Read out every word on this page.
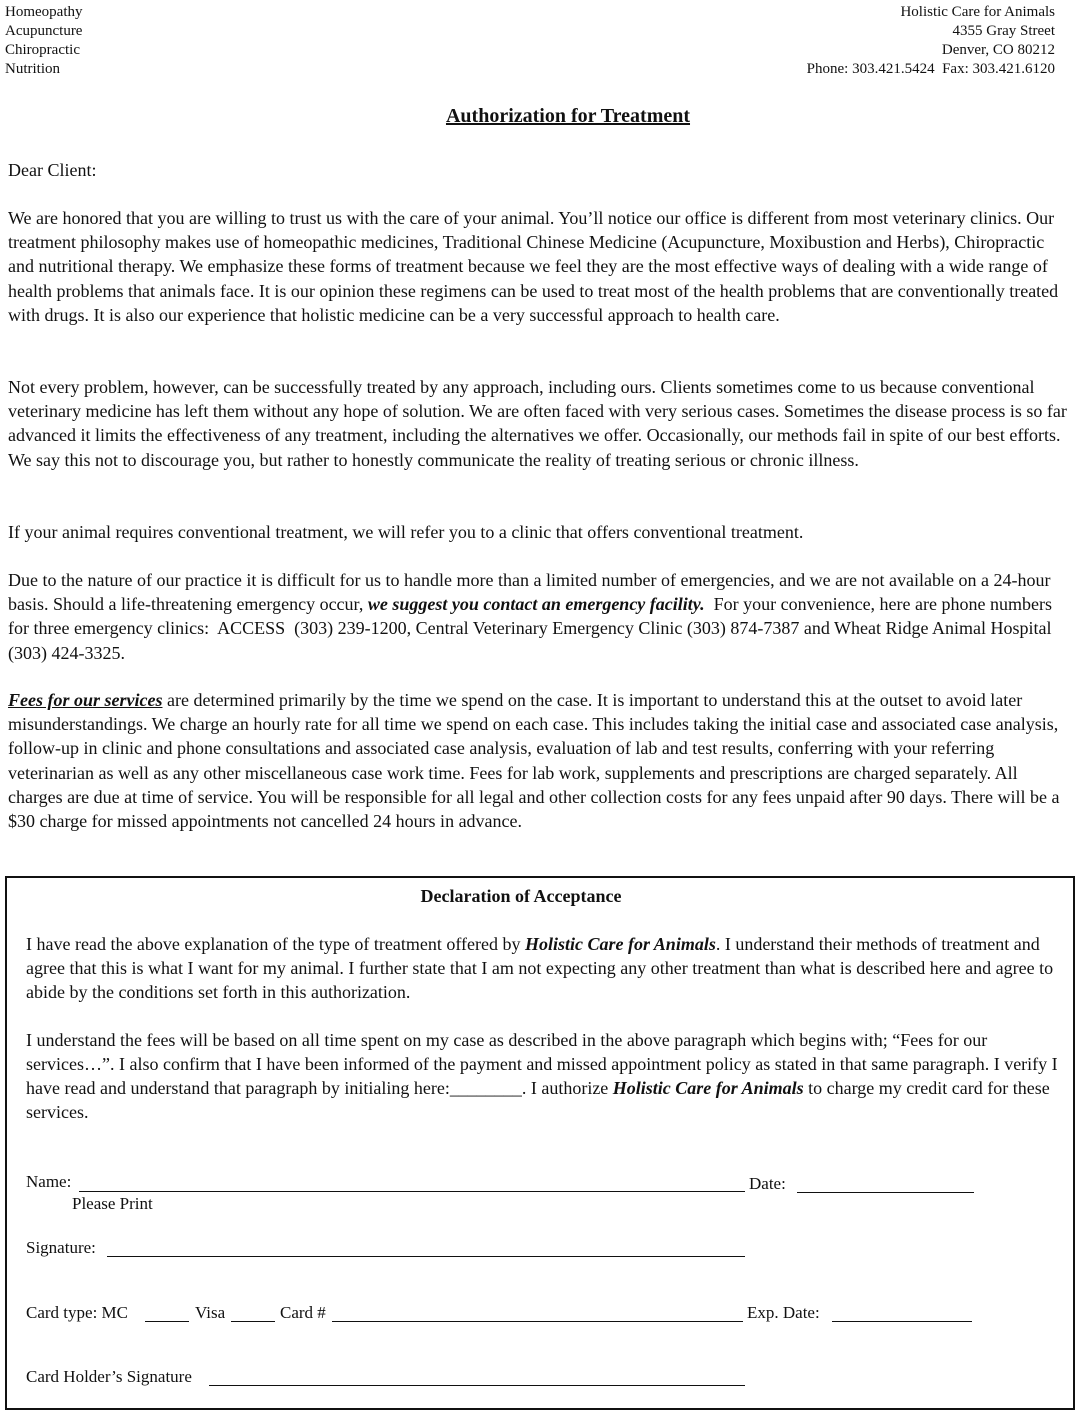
Homeopathy
Acupuncture
Chiropractic
Nutrition
Holistic Care for Animals
4355 Gray Street
Denver, CO 80212
Phone: 303.421.5424  Fax: 303.421.6120
Authorization for Treatment
Dear Client:

We are honored that you are willing to trust us with the care of your animal. You’ll notice our office is different from most veterinary clinics. Our treatment philosophy makes use of homeopathic medicines, Traditional Chinese Medicine (Acupuncture, Moxibustion and Herbs), Chiropractic and nutritional therapy. We emphasize these forms of treatment because we feel they are the most effective ways of dealing with a wide range of health problems that animals face. It is our opinion these regimens can be used to treat most of the health problems that are conventionally treated with drugs. It is also our experience that holistic medicine can be a very successful approach to health care.

Not every problem, however, can be successfully treated by any approach, including ours. Clients sometimes come to us because conventional veterinary medicine has left them without any hope of solution. We are often faced with very serious cases. Sometimes the disease process is so far advanced it limits the effectiveness of any treatment, including the alternatives we offer. Occasionally, our methods fail in spite of our best efforts. We say this not to discourage you, but rather to honestly communicate the reality of treating serious or chronic illness.

If your animal requires conventional treatment, we will refer you to a clinic that offers conventional treatment.

Due to the nature of our practice it is difficult for us to handle more than a limited number of emergencies, and we are not available on a 24-hour basis. Should a life-threatening emergency occur, we suggest you contact an emergency facility.  For your convenience, here are phone numbers for three emergency clinics:  ACCESS  (303) 239-1200, Central Veterinary Emergency Clinic (303) 874-7387 and Wheat Ridge Animal Hospital  (303) 424-3325.

Fees for our services are determined primarily by the time we spend on the case. It is important to understand this at the outset to avoid later misunderstandings. We charge an hourly rate for all time we spend on each case. This includes taking the initial case and associated case analysis, follow-up in clinic and phone consultations and associated case analysis, evaluation of lab and test results, conferring with your referring veterinarian as well as any other miscellaneous case work time. Fees for lab work, supplements and prescriptions are charged separately. All charges are due at time of service. You will be responsible for all legal and other collection costs for any fees unpaid after 90 days. There will be a $30 charge for missed appointments not cancelled 24 hours in advance.

Declaration of Acceptance

I have read the above explanation of the type of treatment offered by Holistic Care for Animals. I understand their methods of treatment and agree that this is what I want for my animal. I further state that I am not expecting any other treatment than what is described here and agree to abide by the conditions set forth in this authorization.

I understand the fees will be based on all time spent on my case as described in the above paragraph which begins with; “Fees for our services…”. I also confirm that I have been informed of the payment and missed appointment policy as stated in that same paragraph. I verify I have read and understand that paragraph by initialing here:________. I authorize Holistic Care for Animals to charge my credit card for these services.

Name:
Please Print
Date:
Signature:
Card type: MC	Visa	Card #	Exp. Date:
Card Holder’s Signature
